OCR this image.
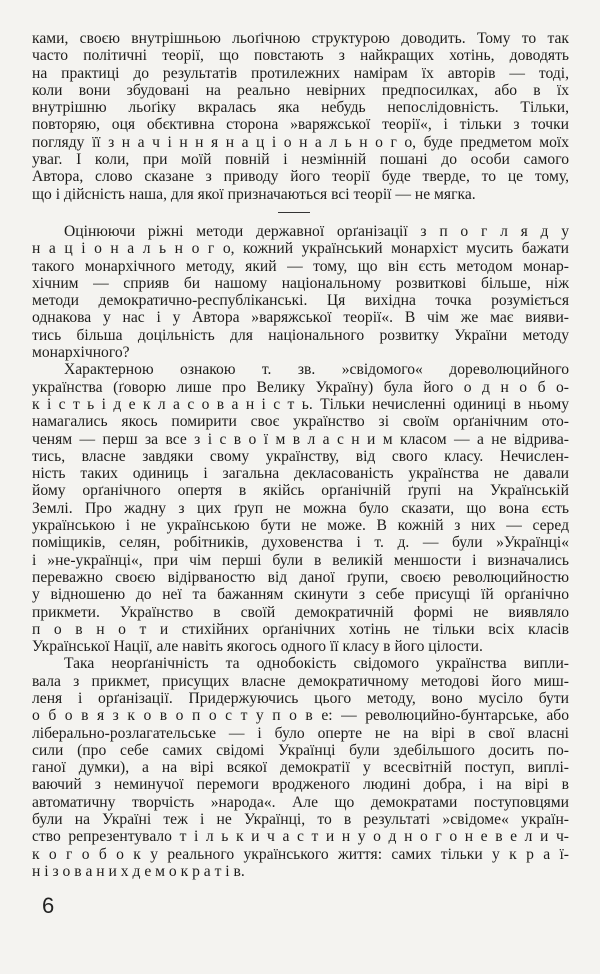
ками, своєю внутрішньою льоґічною структурою доводить. Тому то так
часто політичні теорії, що повстають з найкращих хотінь, доводять
на практиці до результатів протилежних намірам їх авторів — тоді,
коли вони збудовані на реально невірних предпосилках, або в їх
внутрішню льоґіку вкралась яка небудь непослідовність. Тільки,
повторяю, оця обєктивна сторона »варяжської теорії«, і тільки з точки
погляду її з н а ч і н н я н а ц і о н а л ь н о г о, буде предметом моїх
уваг. І коли, при моїй повній і незмінній пошані до особи самого
Автора, слово сказане з приводу його теорії буде тверде, то це тому,
що і дійсність наша, для якої призначаються всі теорії — не мягка.
Оцінюючи ріжні методи державної орґанізації з п о г л я д у
н а ц і о н а л ь н о г о, кожний український монархіст мусить бажати
такого монархічного методу, який — тому, що він єсть методом монар-
хічним — сприяв би нашому національному розвиткові більше, ніж
методи демократично-республіканські. Ця вихідна точка розуміється
однакова у нас і у Автора »варяжської теорії«. В чім же має вияви-
тись більша доцільність для національного розвитку України методу
монархічного?
Характерною ознакою т. зв. »свідомого« дореволюцийного
українства (ґоворю лише про Велику Україну) була його о д н о б о-
к і с т ь і д е к л а с о в а н і с т ь. Тільки нечисленні одиниці в ньому
намагались якось помирити своє українство зі своїм орґанічним ото-
ченям — перш за все з і с в о ї м в л а с н и м класом — а не відрива-
тись, власне завдяки свому українству, від свого класу. Нечислен-
ність таких одиниць і загальна декласованість українства не давали
йому орґанічного опертя в якійсь орґанічній ґрупі на Українській
Землі. Про жадну з цих ґруп не можна було сказати, що вона єсть
українською і не українською бути не може. В кожній з них — серед
поміщиків, селян, робітників, духовенства і т. д. — були »Українці«
і »не-українці«, при чім перші були в великій меншости і визначались
переважно своєю відірваностю від даної ґрупи, своєю революцийностю
у відношеню до неї та бажанням скинути з себе присущі їй орґанічно
прикмети. Українство в своїй демократичній формі не виявляло
п о в н о т и стихійних орґанічних хотінь не тільки всіх класів
Української Нації, але навіть якогось одного її класу в його цілости.
Така неорґанічність та однобокість свідомого українства випли-
вала з прикмет, присущих власне демократичному методові його миш-
леня і орґанізації. Придержуючись цього методу, воно мусіло бути
о б о в я з к о в о п о с т у п о в е: — революцийно-бунтарське, або
ліберально-розлагательське — і було оперте не на вірі в свої власні
сили (про себе самих свідомі Українці були здебільшого досить по-
ганої думки), а на вірі всякої демократії у всесвітній поступ, виплі-
ваючий з неминучої перемоги вродженого людині добра, і на вірі в
автоматичну творчість »народа«. Але що демократами поступовцями
були на Україні теж і не Українці, то в результаті »свідоме« україн-
ство репрезентувало т і л ь к и ч а с т и н у о д н о г о н е в е л и ч-
к о г о б о к у реального українського життя: самих тільки у к р а ї-
н і з о в а н и х д е м о к р а т і в.
6
